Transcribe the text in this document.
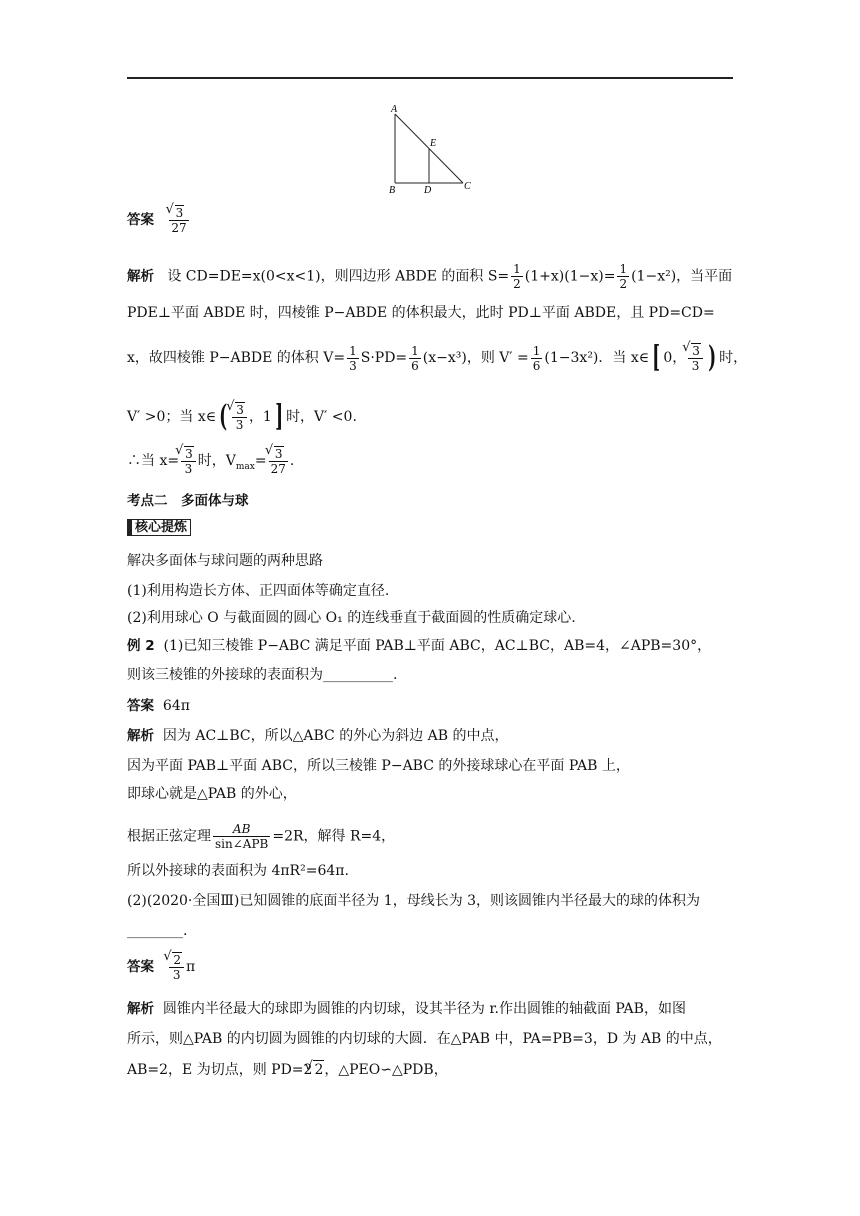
A
E
B	D	C
答案 √ $\frac{3}{27}$
解析 设 CD=DE=x(0<x<1)，则四边形 ABDE 的面积 $S= \frac{1}{2} (1+x)(1-x)= \frac{1}{2} (1-x^2)$，当平面
PDE⊥平面 ABDE 时，四棱锥 P−ABDE 的体积最大，此时 PD⊥平面 ABDE，且 PD=CD=
x，故四棱锥 P−ABDE 的体积 $V= \frac{1}{3} S\cdot PD= \frac{1}{6} (x-x^3)$，则 $V' = \frac{1}{6} (1-3x^2)$．当 x∈ [ 0， √ $\frac{3}{3}$ ) 时，
V′ >0；当 x∈ ( √ $\frac{3}{3}$ ，1 ] 时，V′ <0.
∴当 x= √ $\frac{3}{3}$ 时，$V_{max}=$ √ $\frac{3}{27}$ .
考点二　多面体与球
核心提炼
解决多面体与球问题的两种思路
(1)利用构造长方体、正四面体等确定直径.
(2)利用球心 O 与截面圆的圆心 O₁ 的连线垂直于截面圆的性质确定球心.
例 2 (1)已知三棱锥 P−ABC 满足平面 PAB⊥平面 ABC，AC⊥BC，AB=4，∠APB=30°，
则该三棱锥的外接球的表面积为__________.
答案 64π
解析 因为 AC⊥BC，所以△ABC 的外心为斜边 AB 的中点，
因为平面 PAB⊥平面 ABC，所以三棱锥 P−ABC 的外接球球心在平面 PAB 上，
即球心就是△PAB 的外心，
根据正弦定理 $\frac{AB}{\text{sin∠APB}} =2R$，解得 R=4，
所以外接球的表面积为 4πR²=64π.
(2)(2020·全国Ⅲ)已知圆锥的底面半径为 1，母线长为 3，则该圆锥内半径最大的球的体积为
________.
答案 √ $\frac{2}{3}$ π
解析 圆锥内半径最大的球即为圆锥的内切球，设其半径为 r.作出圆锥的轴截面 PAB，如图
所示，则△PAB 的内切圆为圆锥的内切球的大圆．在△PAB 中，PA=PB=3，D 为 AB 的中点，
AB=2，E 为切点，则 PD=2 √ 2，△PEO∽△PDB，
